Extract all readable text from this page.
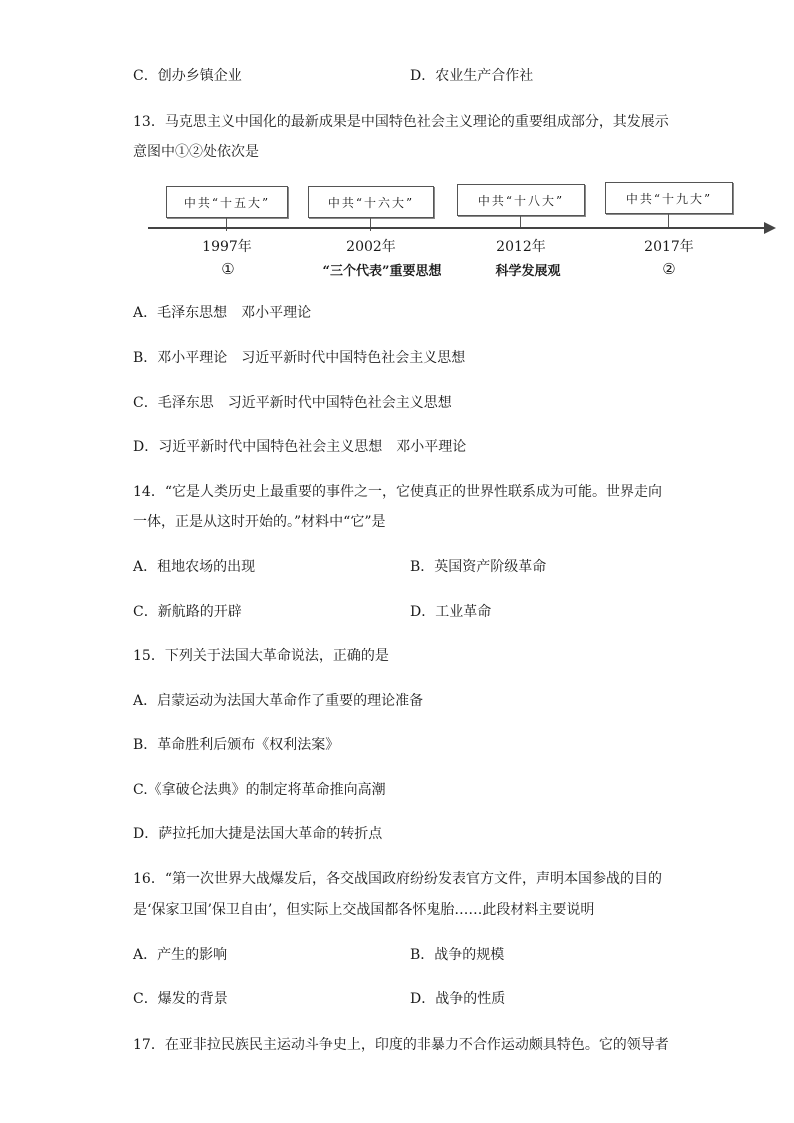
C．创办乡镇企业	D．农业生产合作社
13．马克思主义中国化的最新成果是中国特色社会主义理论的重要组成部分，其发展示
意图中①②处依次是
中共“十五大”	中共“十六大”	中共“十八大”	中共“十九大”
1997年	2002年	2012年	2017年
①	“三个代表”重要思想	科学发展观	②
A．毛泽东思想　邓小平理论
B．邓小平理论　习近平新时代中国特色社会主义思想
C．毛泽东思　习近平新时代中国特色社会主义思想
D．习近平新时代中国特色社会主义思想　邓小平理论
14．“它是人类历史上最重要的事件之一，它使真正的世界性联系成为可能。世界走向
一体，正是从这时开始的。”材料中“它”是
A．租地农场的出现	B．英国资产阶级革命
C．新航路的开辟	D．工业革命
15．下列关于法国大革命说法，正确的是
A．启蒙运动为法国大革命作了重要的理论准备
B．革命胜利后颁布《权利法案》
C.《拿破仑法典》的制定将革命推向高潮
D．萨拉托加大捷是法国大革命的转折点
16．“第一次世界大战爆发后，各交战国政府纷纷发表官方文件，声明本国参战的目的
是‘保家卫国’保卫自由’，但实际上交战国都各怀鬼胎……此段材料主要说明
A．产生的影响	B．战争的规模
C．爆发的背景	D．战争的性质
17．在亚非拉民族民主运动斗争史上，印度的非暴力不合作运动颇具特色。它的领导者
